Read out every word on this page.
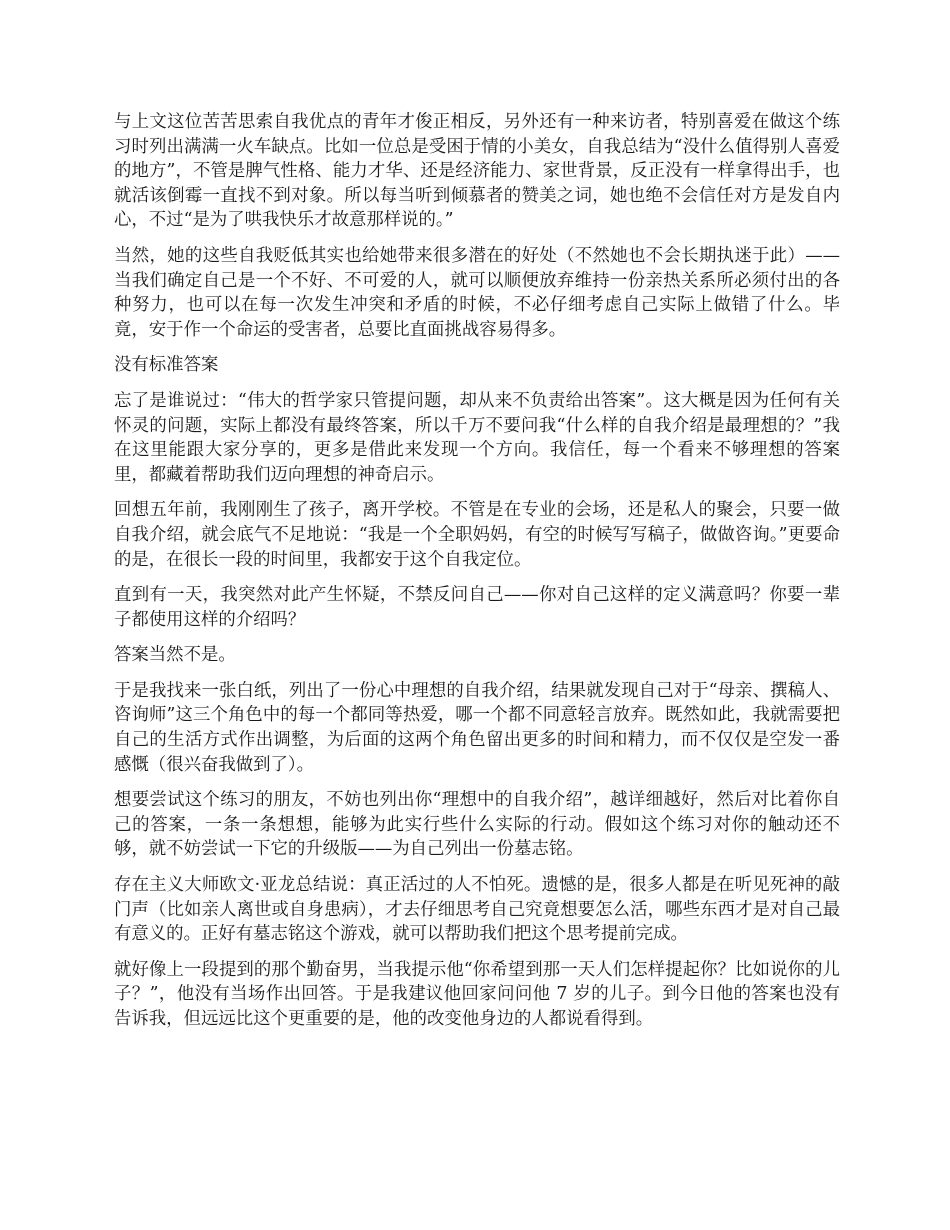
与上文这位苦苦思索自我优点的青年才俊正相反，另外还有一种来访者，特别喜爱在做这个练习时列出满满一火车缺点。比如一位总是受困于情的小美女，自我总结为“没什么值得别人喜爱的地方”，不管是脾气性格、能力才华、还是经济能力、家世背景，反正没有一样拿得出手，也就活该倒霉一直找不到对象。所以每当听到倾慕者的赞美之词，她也绝不会信任对方是发自内心，不过“是为了哄我快乐才故意那样说的。”

当然，她的这些自我贬低其实也给她带来很多潜在的好处（不然她也不会长期执迷于此）——当我们确定自己是一个不好、不可爱的人，就可以顺便放弃维持一份亲热关系所必须付出的各种努力，也可以在每一次发生冲突和矛盾的时候，不必仔细考虑自己实际上做错了什么。毕竟，安于作一个命运的受害者，总要比直面挑战容易得多。

没有标准答案

忘了是谁说过：“伟大的哲学家只管提问题，却从来不负责给出答案”。这大概是因为任何有关怀灵的问题，实际上都没有最终答案，所以千万不要问我“什么样的自我介绍是最理想的？”我在这里能跟大家分享的，更多是借此来发现一个方向。我信任，每一个看来不够理想的答案里，都藏着帮助我们迈向理想的神奇启示。

回想五年前，我刚刚生了孩子，离开学校。不管是在专业的会场，还是私人的聚会，只要一做自我介绍，就会底气不足地说：“我是一个全职妈妈，有空的时候写写稿子，做做咨询。”更要命的是，在很长一段的时间里，我都安于这个自我定位。

直到有一天，我突然对此产生怀疑，不禁反问自己——你对自己这样的定义满意吗？你要一辈子都使用这样的介绍吗？

答案当然不是。

于是我找来一张白纸，列出了一份心中理想的自我介绍，结果就发现自己对于“母亲、撰稿人、咨询师”这三个角色中的每一个都同等热爱，哪一个都不同意轻言放弃。既然如此，我就需要把自己的生活方式作出调整，为后面的这两个角色留出更多的时间和精力，而不仅仅是空发一番感慨（很兴奋我做到了）。

想要尝试这个练习的朋友，不妨也列出你“理想中的自我介绍”，越详细越好，然后对比着你自己的答案，一条一条想想，能够为此实行些什么实际的行动。假如这个练习对你的触动还不够，就不妨尝试一下它的升级版——为自己列出一份墓志铭。

存在主义大师欧文·亚龙总结说：真正活过的人不怕死。遗憾的是，很多人都是在听见死神的敲门声（比如亲人离世或自身患病），才去仔细思考自己究竟想要怎么活，哪些东西才是对自己最有意义的。正好有墓志铭这个游戏，就可以帮助我们把这个思考提前完成。

就好像上一段提到的那个勤奋男，当我提示他“你希望到那一天人们怎样提起你？比如说你的儿子？”，他没有当场作出回答。于是我建议他回家问问他 7 岁的儿子。到今日他的答案也没有告诉我，但远远比这个更重要的是，他的改变他身边的人都说看得到。
